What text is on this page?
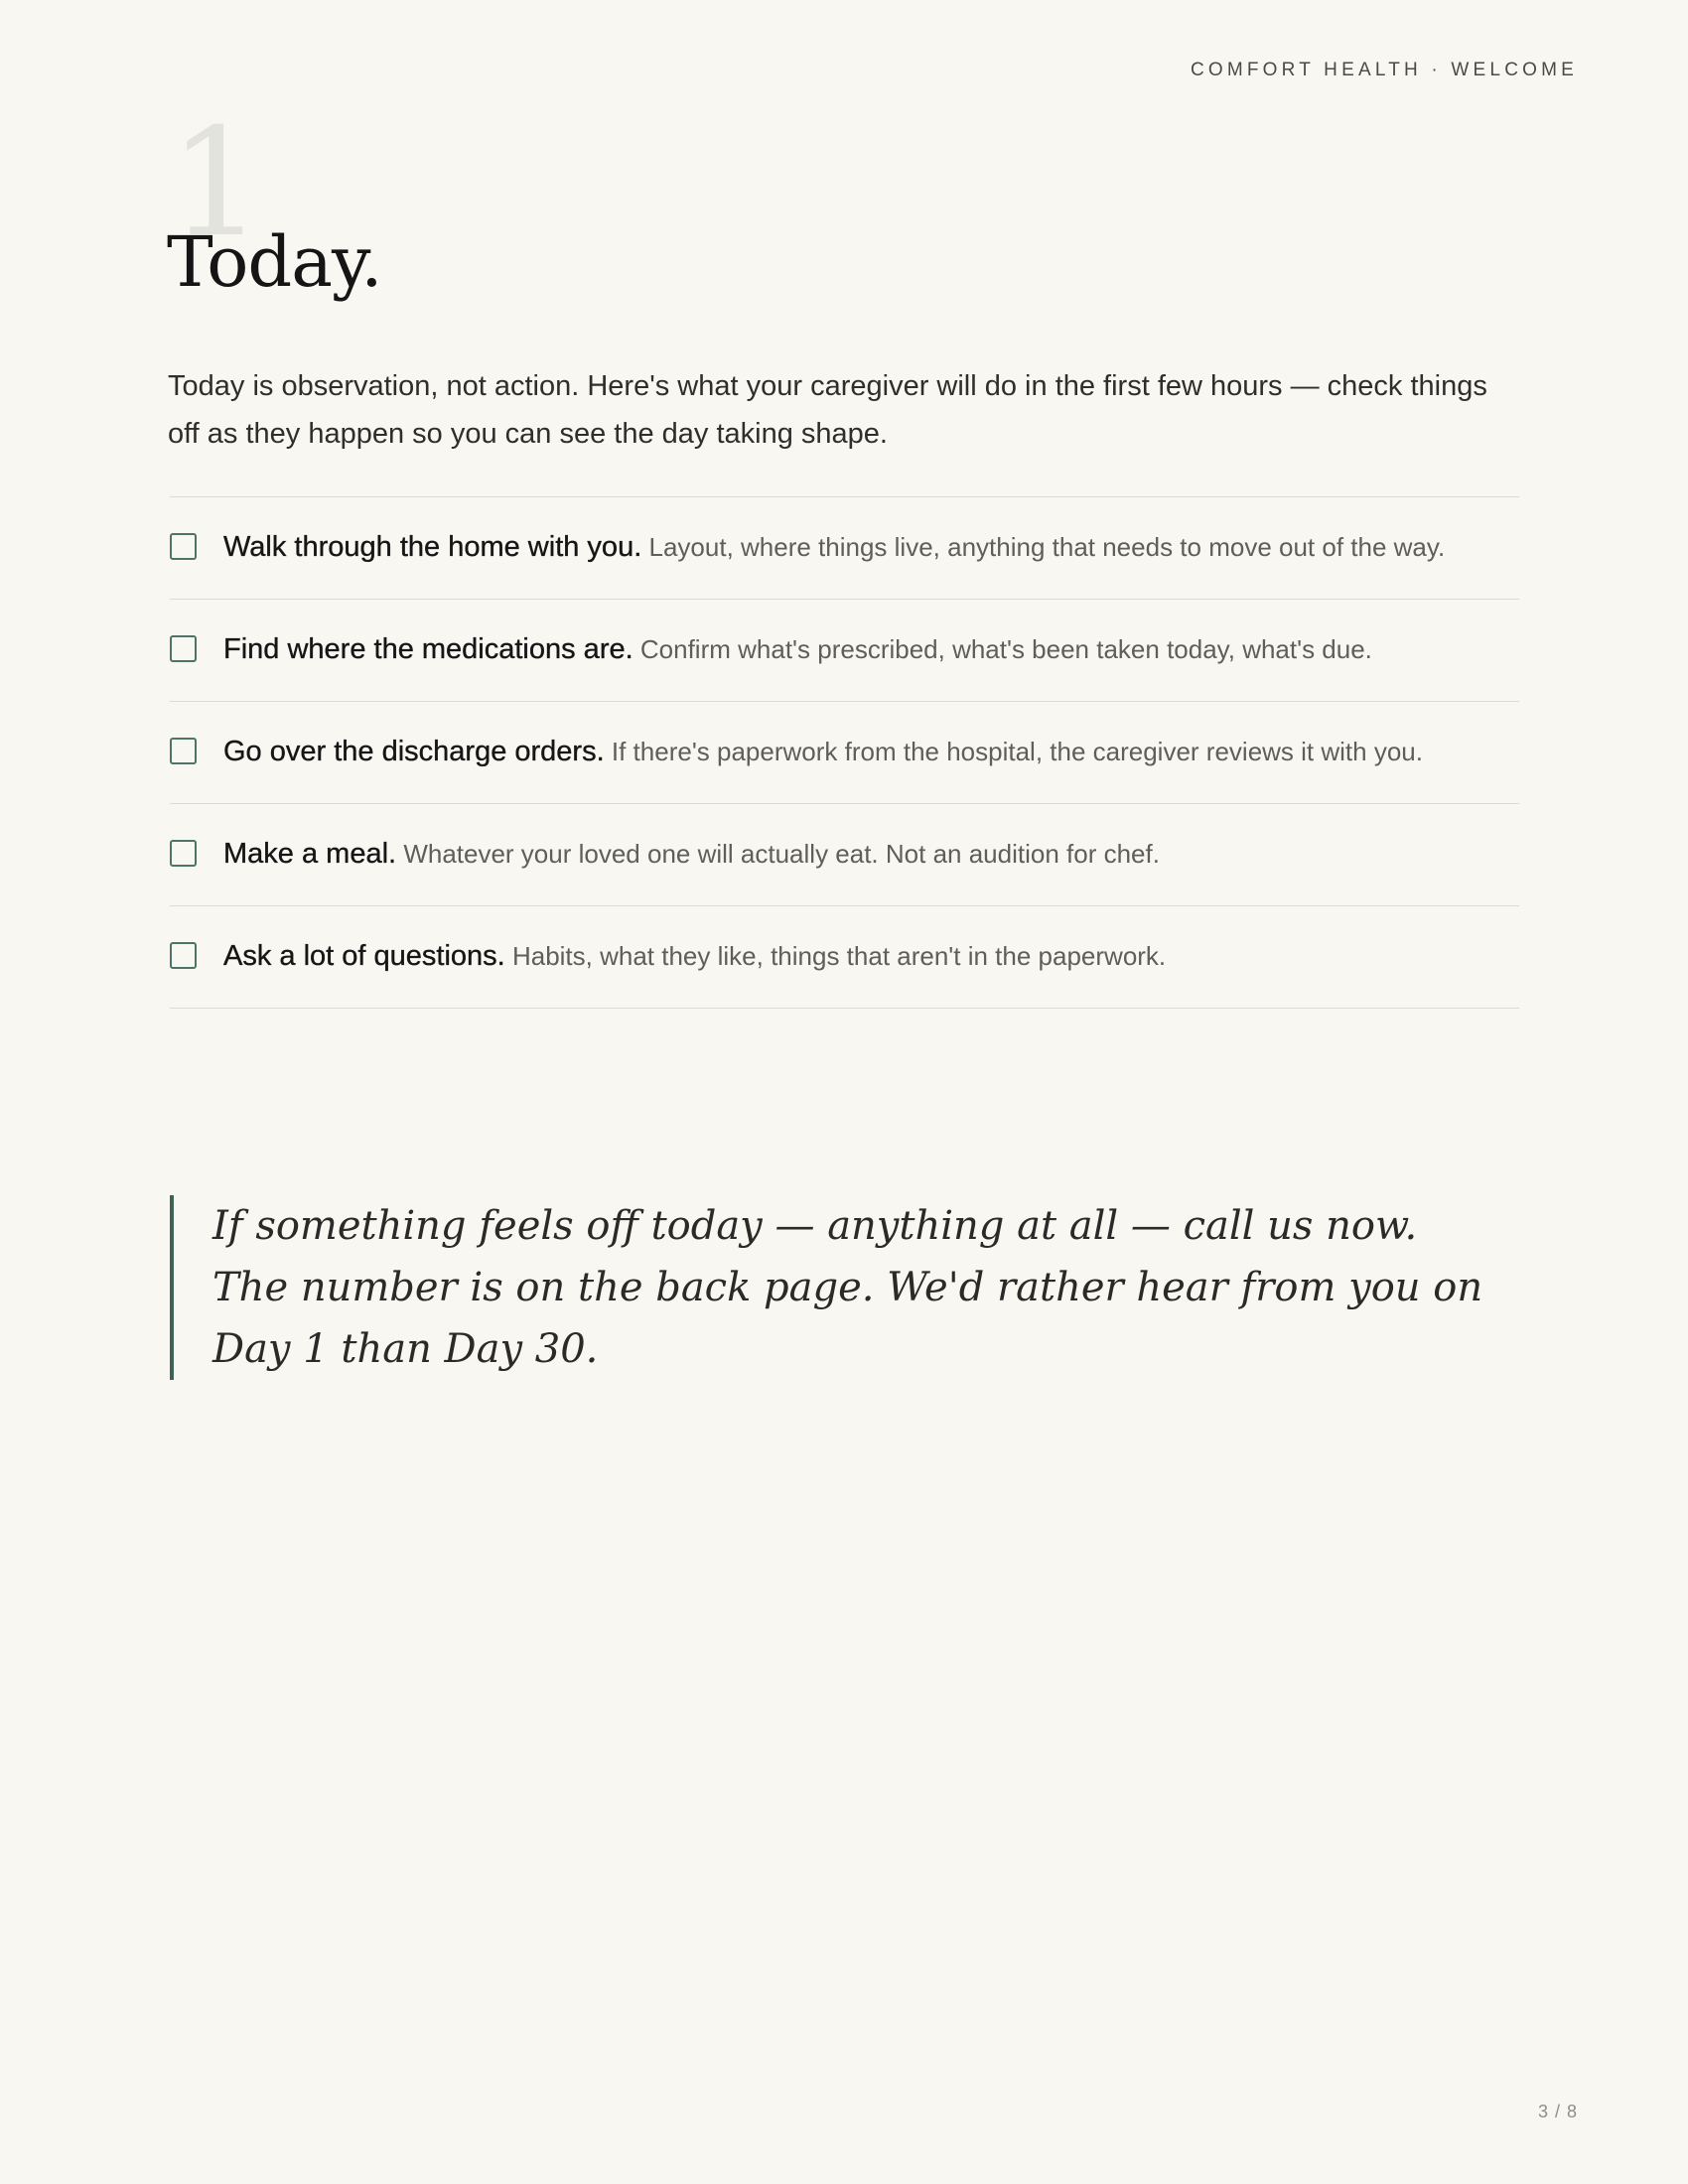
COMFORT HEALTH · WELCOME
1
Today.

Today is observation, not action. Here's what your caregiver will do in the first few hours — check things off as they happen so you can see the day taking shape.

Walk through the home with you. Layout, where things live, anything that needs to move out of the way.
Find where the medications are. Confirm what's prescribed, what's been taken today, what's due.
Go over the discharge orders. If there's paperwork from the hospital, the caregiver reviews it with you.
Make a meal. Whatever your loved one will actually eat. Not an audition for chef.
Ask a lot of questions. Habits, what they like, things that aren't in the paperwork.
If something feels off today — anything at all — call us now. The number is on the back page. We'd rather hear from you on Day 1 than Day 30.
3 / 8
